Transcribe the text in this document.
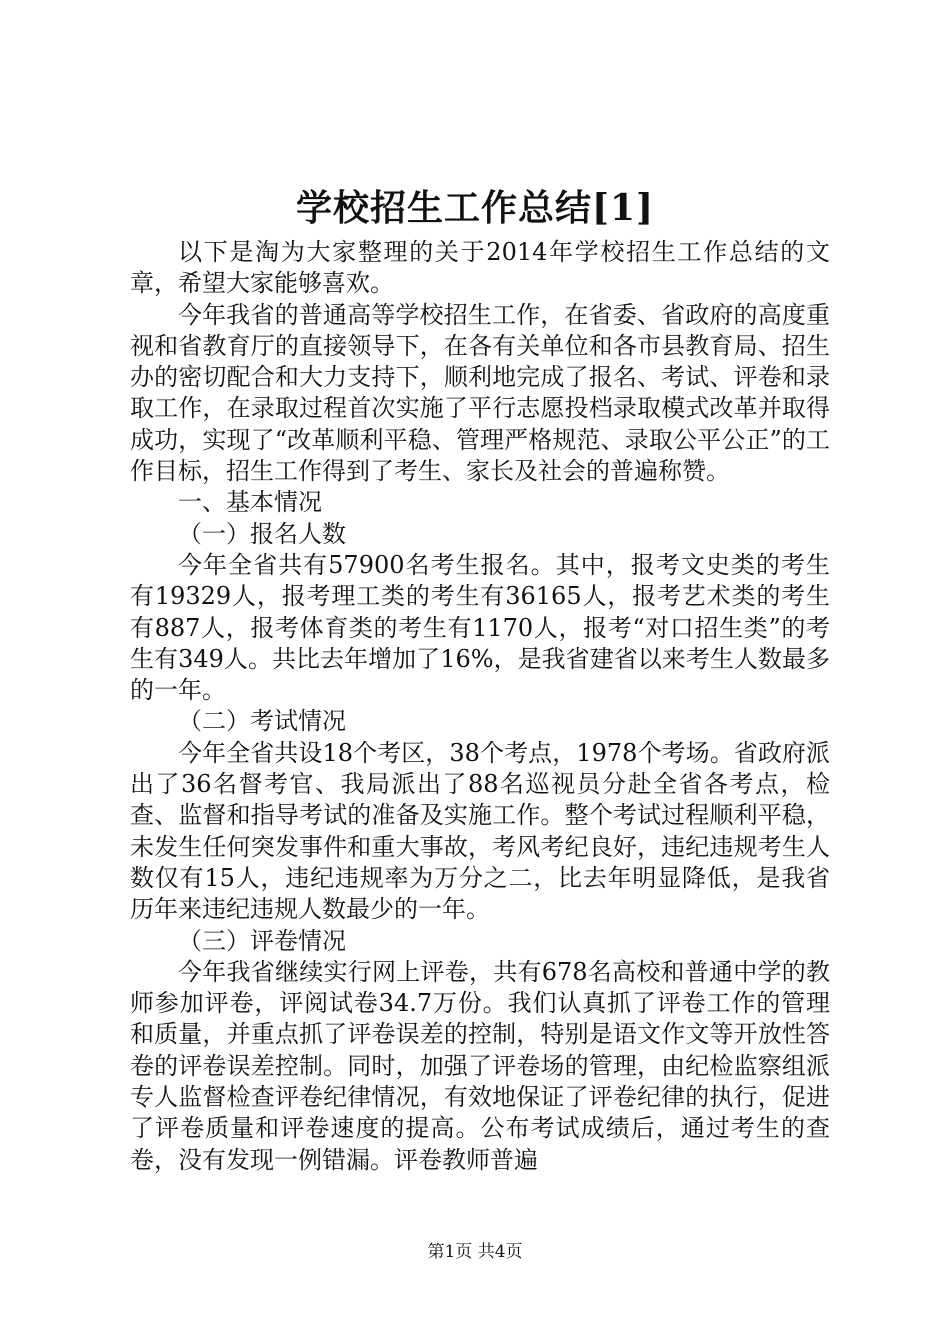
学校招生工作总结[1]

以下是淘为大家整理的关于2014年学校招生工作总结的文章，希望大家能够喜欢。

今年我省的普通高等学校招生工作，在省委、省政府的高度重视和省教育厅的直接领导下，在各有关单位和各市县教育局、招生办的密切配合和大力支持下，顺利地完成了报名、考试、评卷和录取工作，在录取过程首次实施了平行志愿投档录取模式改革并取得成功，实现了“改革顺利平稳、管理严格规范、录取公平公正”的工作目标，招生工作得到了考生、家长及社会的普遍称赞。

一、基本情况

（一）报名人数

今年全省共有57900名考生报名。其中，报考文史类的考生有19329人，报考理工类的考生有36165人，报考艺术类的考生有887人，报考体育类的考生有1170人，报考“对口招生类”的考生有349人。共比去年增加了16%，是我省建省以来考生人数最多的一年。

（二）考试情况

今年全省共设18个考区，38个考点，1978个考场。省政府派出了36名督考官、我局派出了88名巡视员分赴全省各考点，检查、监督和指导考试的准备及实施工作。整个考试过程顺利平稳，未发生任何突发事件和重大事故，考风考纪良好，违纪违规考生人数仅有15人，违纪违规率为万分之二，比去年明显降低，是我省历年来违纪违规人数最少的一年。

（三）评卷情况

今年我省继续实行网上评卷，共有678名高校和普通中学的教师参加评卷，评阅试卷34.7万份。我们认真抓了评卷工作的管理和质量，并重点抓了评卷误差的控制，特别是语文作文等开放性答卷的评卷误差控制。同时，加强了评卷场的管理，由纪检监察组派专人监督检查评卷纪律情况，有效地保证了评卷纪律的执行，促进了评卷质量和评卷速度的提高。公布考试成绩后，通过考生的查卷，没有发现一例错漏。评卷教师普遍

第1页 共4页
